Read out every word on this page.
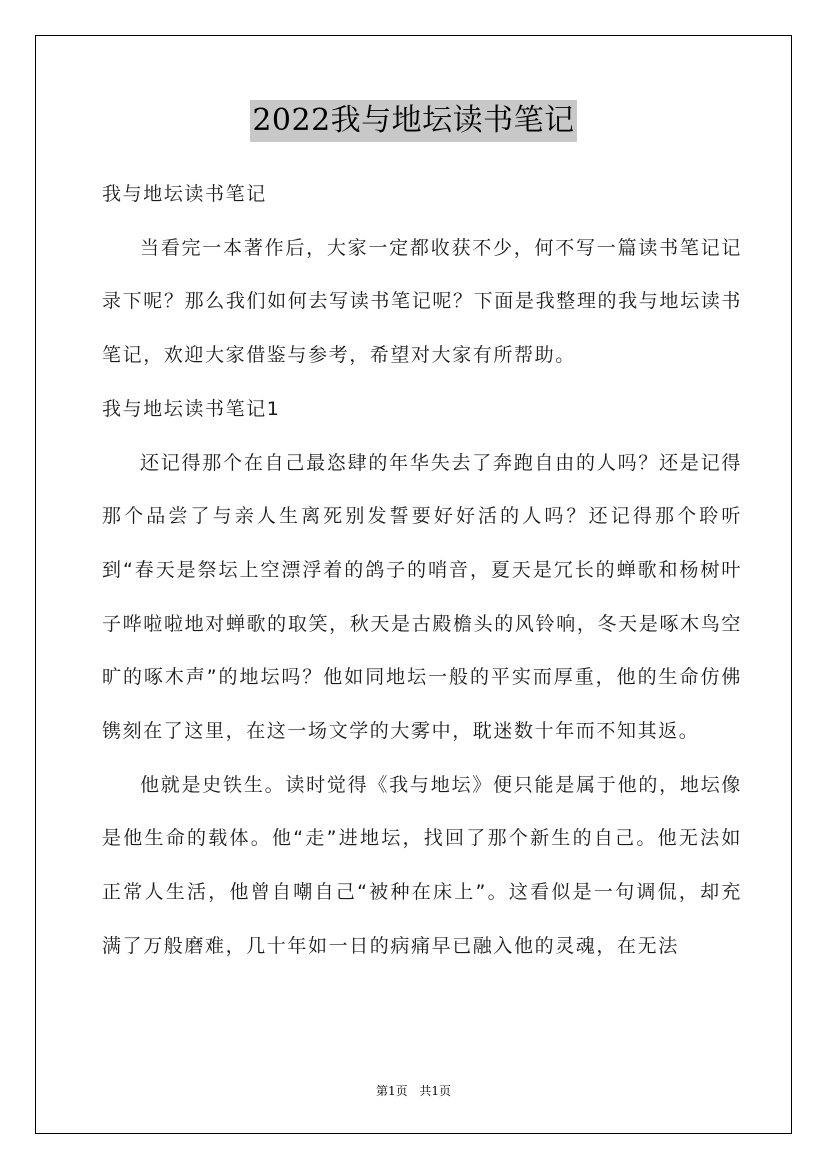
2022我与地坛读书笔记

我与地坛读书笔记

当看完一本著作后，大家一定都收获不少，何不写一篇读书笔记记录下呢？那么我们如何去写读书笔记呢？下面是我整理的我与地坛读书笔记，欢迎大家借鉴与参考，希望对大家有所帮助。

我与地坛读书笔记1

还记得那个在自己最恣肆的年华失去了奔跑自由的人吗？还是记得那个品尝了与亲人生离死别发誓要好好活的人吗？还记得那个聆听到“春天是祭坛上空漂浮着的鸽子的哨音，夏天是冗长的蝉歌和杨树叶子哗啦啦地对蝉歌的取笑，秋天是古殿檐头的风铃响，冬天是啄木鸟空旷的啄木声”的地坛吗？他如同地坛一般的平实而厚重，他的生命仿佛镌刻在了这里，在这一场文学的大雾中，耽迷数十年而不知其返。

他就是史铁生。读时觉得《我与地坛》便只能是属于他的，地坛像是他生命的载体。他“走”进地坛，找回了那个新生的自己。他无法如正常人生活，他曾自嘲自己“被种在床上”。这看似是一句调侃，却充满了万般磨难，几十年如一日的病痛早已融入他的灵魂，在无法

第1页 共1页
